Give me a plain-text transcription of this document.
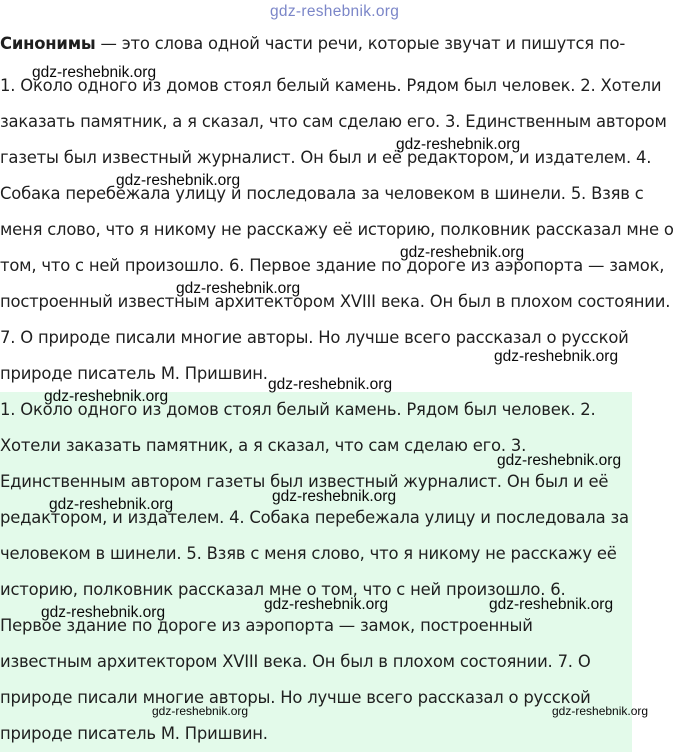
gdz-reshebnik.org
Синонимы — это слова одной части речи, которые звучат и пишутся по-
1. Около одного из домов стоял белый камень. Рядом был человек. 2. Хотели
заказать памятник, а я сказал, что сам сделаю его. 3. Единственным автором
газеты был известный журналист. Он был и её редактором, и издателем. 4.
Собака перебежала улицу и последовала за человеком в шинели. 5. Взяв с
меня слово, что я никому не расскажу её историю, полковник рассказал мне о
том, что с ней произошло. 6. Первое здание по дороге из аэропорта — замок,
построенный известным архитектором XVIII века. Он был в плохом состоянии.
7. О природе писали многие авторы. Но лучше всего рассказал о русской
природе писатель М. Пришвин.
1. Около одного из домов стоял белый камень. Рядом был человек. 2.
Хотели заказать памятник, а я сказал, что сам сделаю его. 3.
Единственным автором газеты был известный журналист. Он был и её
редактором, и издателем. 4. Собака перебежала улицу и последовала за
человеком в шинели. 5. Взяв с меня слово, что я никому не расскажу её
историю, полковник рассказал мне о том, что с ней произошло. 6.
Первое здание по дороге из аэропорта — замок, построенный
известным архитектором XVIII века. Он был в плохом состоянии. 7. О
природе писали многие авторы. Но лучше всего рассказал о русской
природе писатель М. Пришвин.
gdz-reshebnik.org
gdz-reshebnik.org
gdz-reshebnik.org
gdz-reshebnik.org
gdz-reshebnik.org
gdz-reshebnik.org
gdz-reshebnik.org
gdz-reshebnik.org
gdz-reshebnik.org
gdz-reshebnik.org	gdz-reshebnik.org
gdz-reshebnik.org	gdz-reshebnik.org	gdz-reshebnik.org
gdz-reshebnik.org	gdz-reshebnik.org
